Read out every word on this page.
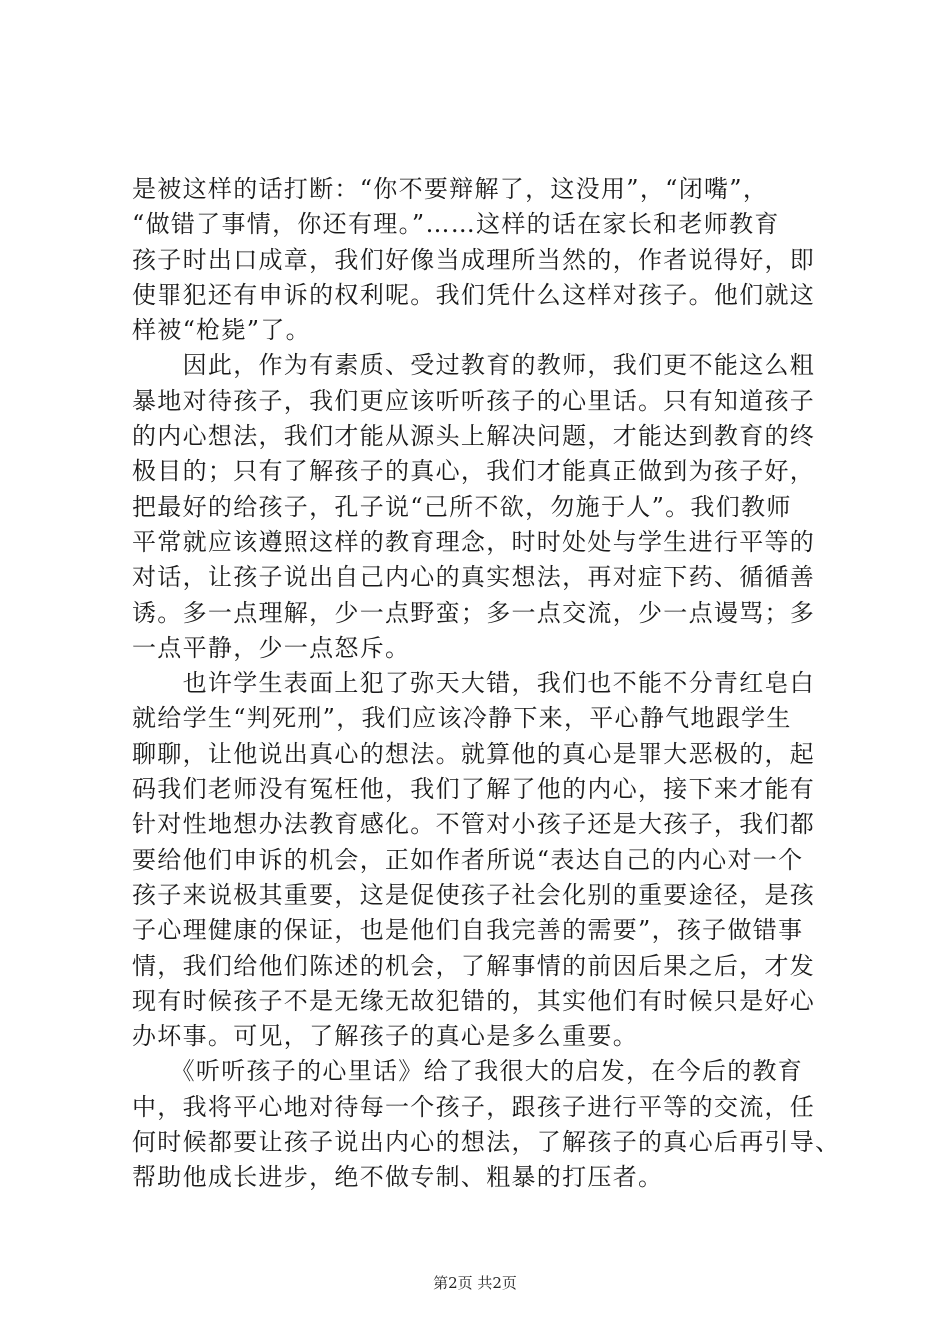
是被这样的话打断：“你不要辩解了，这没用”，“闭嘴”，
“做错了事情，你还有理。”……这样的话在家长和老师教育
孩子时出口成章，我们好像当成理所当然的，作者说得好，即
使罪犯还有申诉的权利呢。我们凭什么这样对孩子。他们就这
样被“枪毙”了。
　　因此，作为有素质、受过教育的教师，我们更不能这么粗
暴地对待孩子，我们更应该听听孩子的心里话。只有知道孩子
的内心想法，我们才能从源头上解决问题，才能达到教育的终
极目的；只有了解孩子的真心，我们才能真正做到为孩子好，
把最好的给孩子，孔子说“己所不欲，勿施于人”。我们教师
平常就应该遵照这样的教育理念，时时处处与学生进行平等的
对话，让孩子说出自己内心的真实想法，再对症下药、循循善
诱。多一点理解，少一点野蛮；多一点交流，少一点谩骂；多
一点平静，少一点怒斥。
　　也许学生表面上犯了弥天大错，我们也不能不分青红皂白
就给学生“判死刑”，我们应该冷静下来，平心静气地跟学生
聊聊，让他说出真心的想法。就算他的真心是罪大恶极的，起
码我们老师没有冤枉他，我们了解了他的内心，接下来才能有
针对性地想办法教育感化。不管对小孩子还是大孩子，我们都
要给他们申诉的机会，正如作者所说“表达自己的内心对一个
孩子来说极其重要，这是促使孩子社会化别的重要途径，是孩
子心理健康的保证，也是他们自我完善的需要”，孩子做错事
情，我们给他们陈述的机会，了解事情的前因后果之后，才发
现有时候孩子不是无缘无故犯错的，其实他们有时候只是好心
办坏事。可见，了解孩子的真心是多么重要。
　　《听听孩子的心里话》给了我很大的启发，在今后的教育
中，我将平心地对待每一个孩子，跟孩子进行平等的交流，任
何时候都要让孩子说出内心的想法，了解孩子的真心后再引导、
帮助他成长进步，绝不做专制、粗暴的打压者。
第2页 共2页
